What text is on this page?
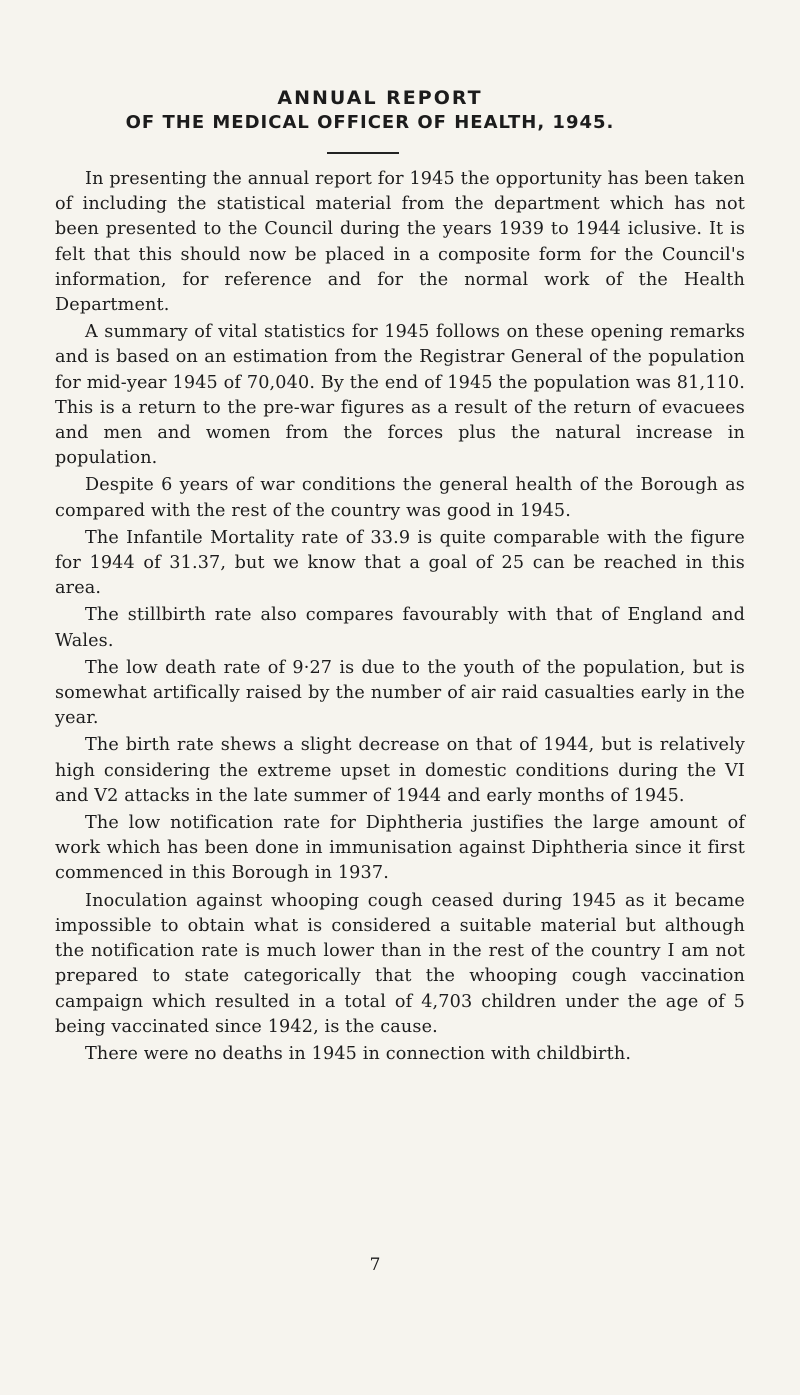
ANNUAL REPORT
OF THE MEDICAL OFFICER OF HEALTH, 1945.

In presenting the annual report for 1945 the opportunity has been taken of including the statistical material from the department which has not been presented to the Council during the years 1939 to 1944 iclusive. It is felt that this should now be placed in a composite form for the Council's information, for reference and for the normal work of the Health Department.

A summary of vital statistics for 1945 follows on these opening remarks and is based on an estimation from the Registrar General of the population for mid-year 1945 of 70,040. By the end of 1945 the population was 81,110. This is a return to the pre-war figures as a result of the return of evacuees and men and women from the forces plus the natural increase in population.

Despite 6 years of war conditions the general health of the Borough as compared with the rest of the country was good in 1945.

The Infantile Mortality rate of 33.9 is quite comparable with the figure for 1944 of 31.37, but we know that a goal of 25 can be reached in this area.

The stillbirth rate also compares favourably with that of England and Wales.

The low death rate of 9·27 is due to the youth of the population, but is somewhat artifically raised by the number of air raid casualties early in the year.

The birth rate shews a slight decrease on that of 1944, but is relatively high considering the extreme upset in domestic conditions during the VI and V2 attacks in the late summer of 1944 and early months of 1945.

The low notification rate for Diphtheria justifies the large amount of work which has been done in immunisation against Diphtheria since it first commenced in this Borough in 1937.

Inoculation against whooping cough ceased during 1945 as it became impossible to obtain what is considered a suitable material but although the notification rate is much lower than in the rest of the country I am not prepared to state categorically that the whooping cough vaccination campaign which resulted in a total of 4,703 children under the age of 5 being vaccinated since 1942, is the cause.

There were no deaths in 1945 in connection with childbirth.

7
